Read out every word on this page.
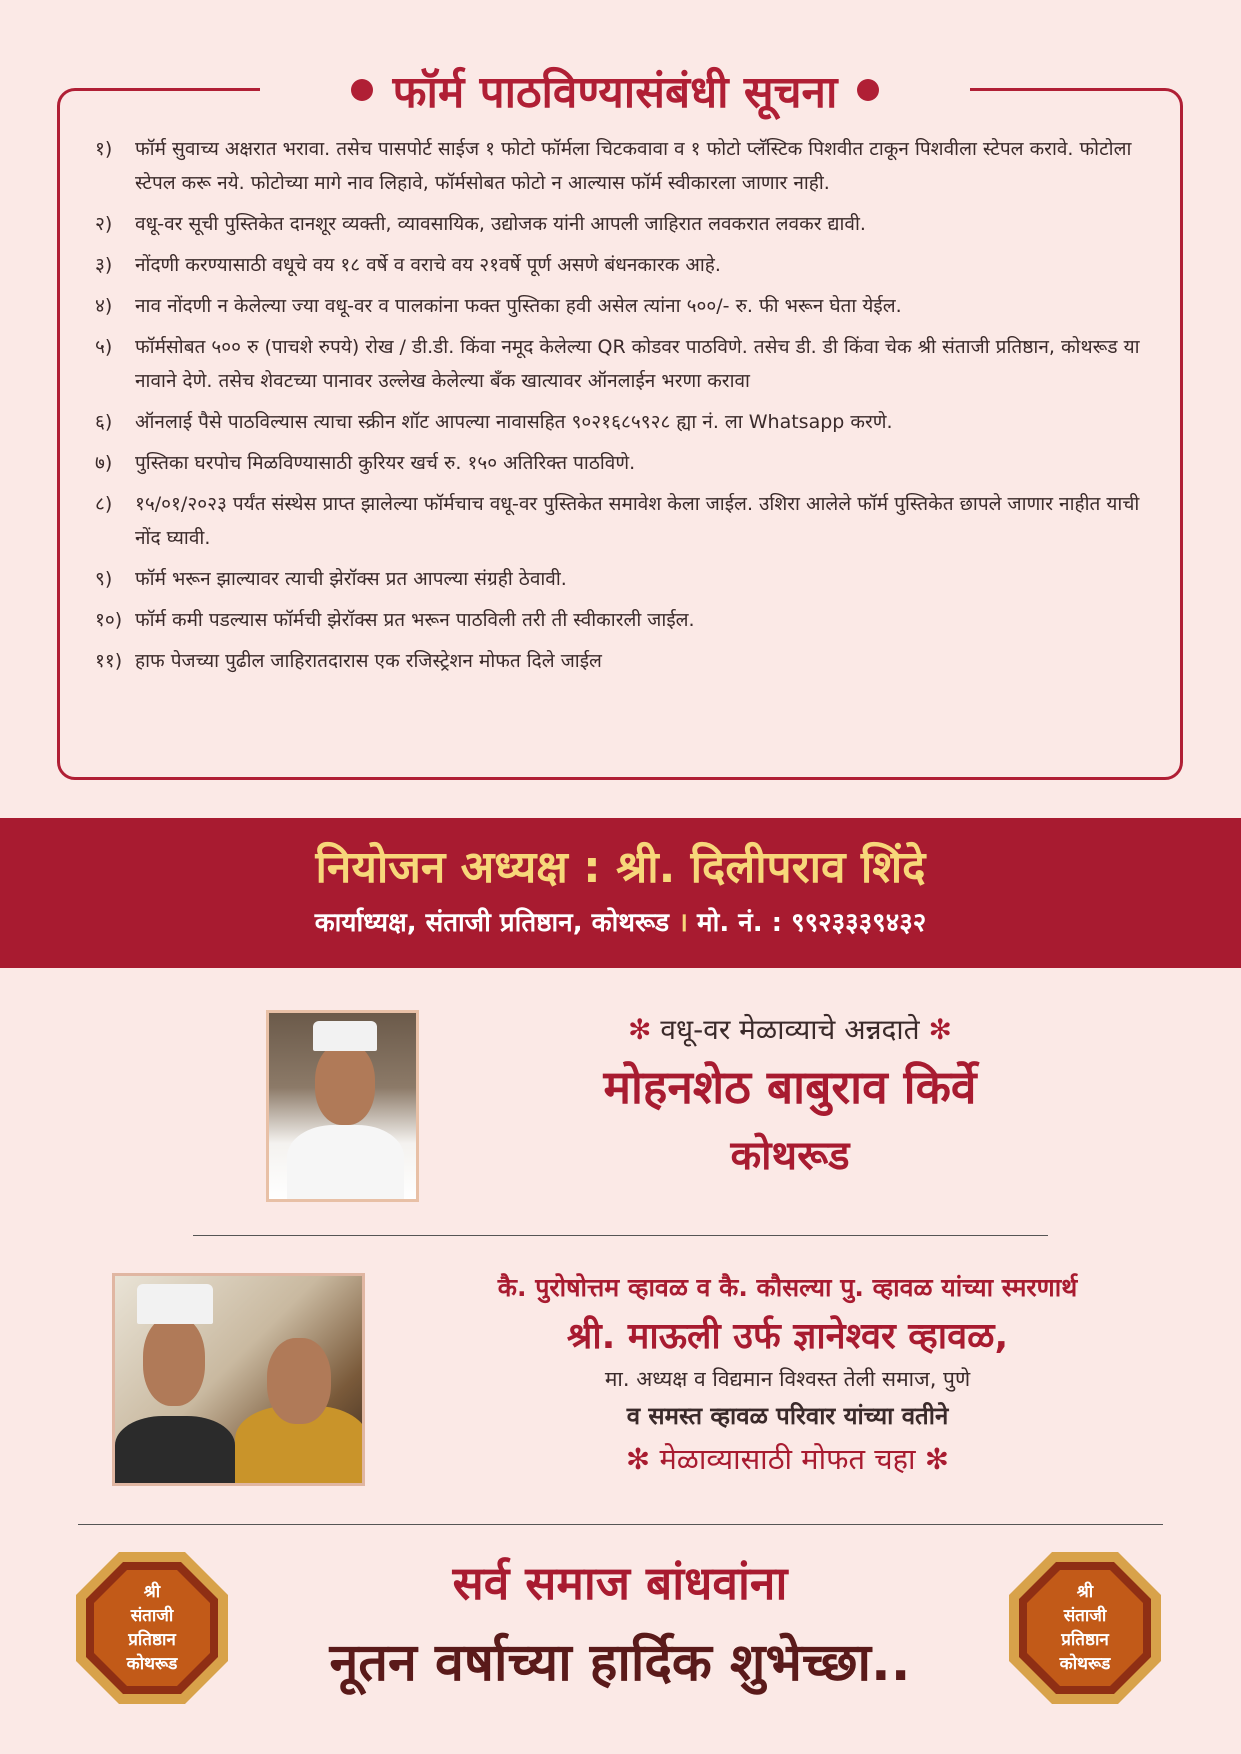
फॉर्म पाठविण्यासंबंधी सूचना
१)	फॉर्म सुवाच्य अक्षरात भरावा. तसेच पासपोर्ट साईज १ फोटो फॉर्मला चिटकवावा व १ फोटो प्लॅस्टिक पिशवीत टाकून पिशवीला स्टेपल करावे. फोटोला स्टेपल करू नये. फोटोच्या मागे नाव लिहावे, फॉर्मसोबत फोटो न आल्यास फॉर्म स्वीकारला जाणार नाही.
२)	वधू-वर सूची पुस्तिकेत दानशूर व्यक्ती, व्यावसायिक, उद्योजक यांनी आपली जाहिरात लवकरात लवकर द्यावी.
३)	नोंदणी करण्यासाठी वधूचे वय १८ वर्षे व वराचे वय २१वर्षे पूर्ण असणे बंधनकारक आहे.
४)	नाव नोंदणी न केलेल्या ज्या वधू-वर व पालकांना फक्त पुस्तिका हवी असेल त्यांना ५००/- रु. फी भरून घेता येईल.
५)	फॉर्मसोबत ५०० रु (पाचशे रुपये) रोख / डी.डी. किंवा नमूद केलेल्या QR कोडवर पाठविणे. तसेच डी. डी किंवा चेक श्री संताजी प्रतिष्ठान, कोथरूड या नावाने देणे. तसेच शेवटच्या पानावर उल्लेख केलेल्या बँक खात्यावर ऑनलाईन भरणा करावा
६)	ऑनलाई पैसे पाठविल्यास त्याचा स्क्रीन शॉट आपल्या नावासहित ९०२१६८५९२८ ह्या नं. ला Whatsapp करणे.
७)	पुस्तिका घरपोच मिळविण्यासाठी कुरियर खर्च रु. १५० अतिरिक्त पाठविणे.
८)	१५/०१/२०२३ पर्यंत संस्थेस प्राप्त झालेल्या फॉर्मचाच वधू-वर पुस्तिकेत समावेश केला जाईल. उशिरा आलेले फॉर्म पुस्तिकेत छापले जाणार नाहीत याची नोंद घ्यावी.
९)	फॉर्म भरून झाल्यावर त्याची झेरॉक्स प्रत आपल्या संग्रही ठेवावी.
१०) फॉर्म कमी पडल्यास फॉर्मची झेरॉक्स प्रत भरून पाठविली तरी ती स्वीकारली जाईल.
११) हाफ पेजच्या पुढील जाहिरातदारास एक रजिस्ट्रेशन मोफत दिले जाईल
नियोजन अध्यक्ष : श्री. दिलीपराव शिंदे
कार्याध्यक्ष, संताजी प्रतिष्ठान, कोथरूड । मो. नं. : ९९२३३३९४३२
✻ वधू-वर मेळाव्याचे अन्नदाते ✻
मोहनशेठ बाबुराव किर्वे
कोथरूड
कै. पुरोषोत्तम व्हावळ व कै. कौसल्या पु. व्हावळ यांच्या स्मरणार्थ
श्री. माऊली उर्फ ज्ञानेश्वर व्हावळ,
मा. अध्यक्ष व विद्यमान विश्वस्त तेली समाज, पुणे
व समस्त व्हावळ परिवार यांच्या वतीने
✻ मेळाव्यासाठी मोफत चहा ✻
श्री
संताजी
प्रतिष्ठान
कोथरूड
सर्व समाज बांधवांना
नूतन वर्षाच्या हार्दिक शुभेच्छा..
श्री
संताजी
प्रतिष्ठान
कोथरूड
